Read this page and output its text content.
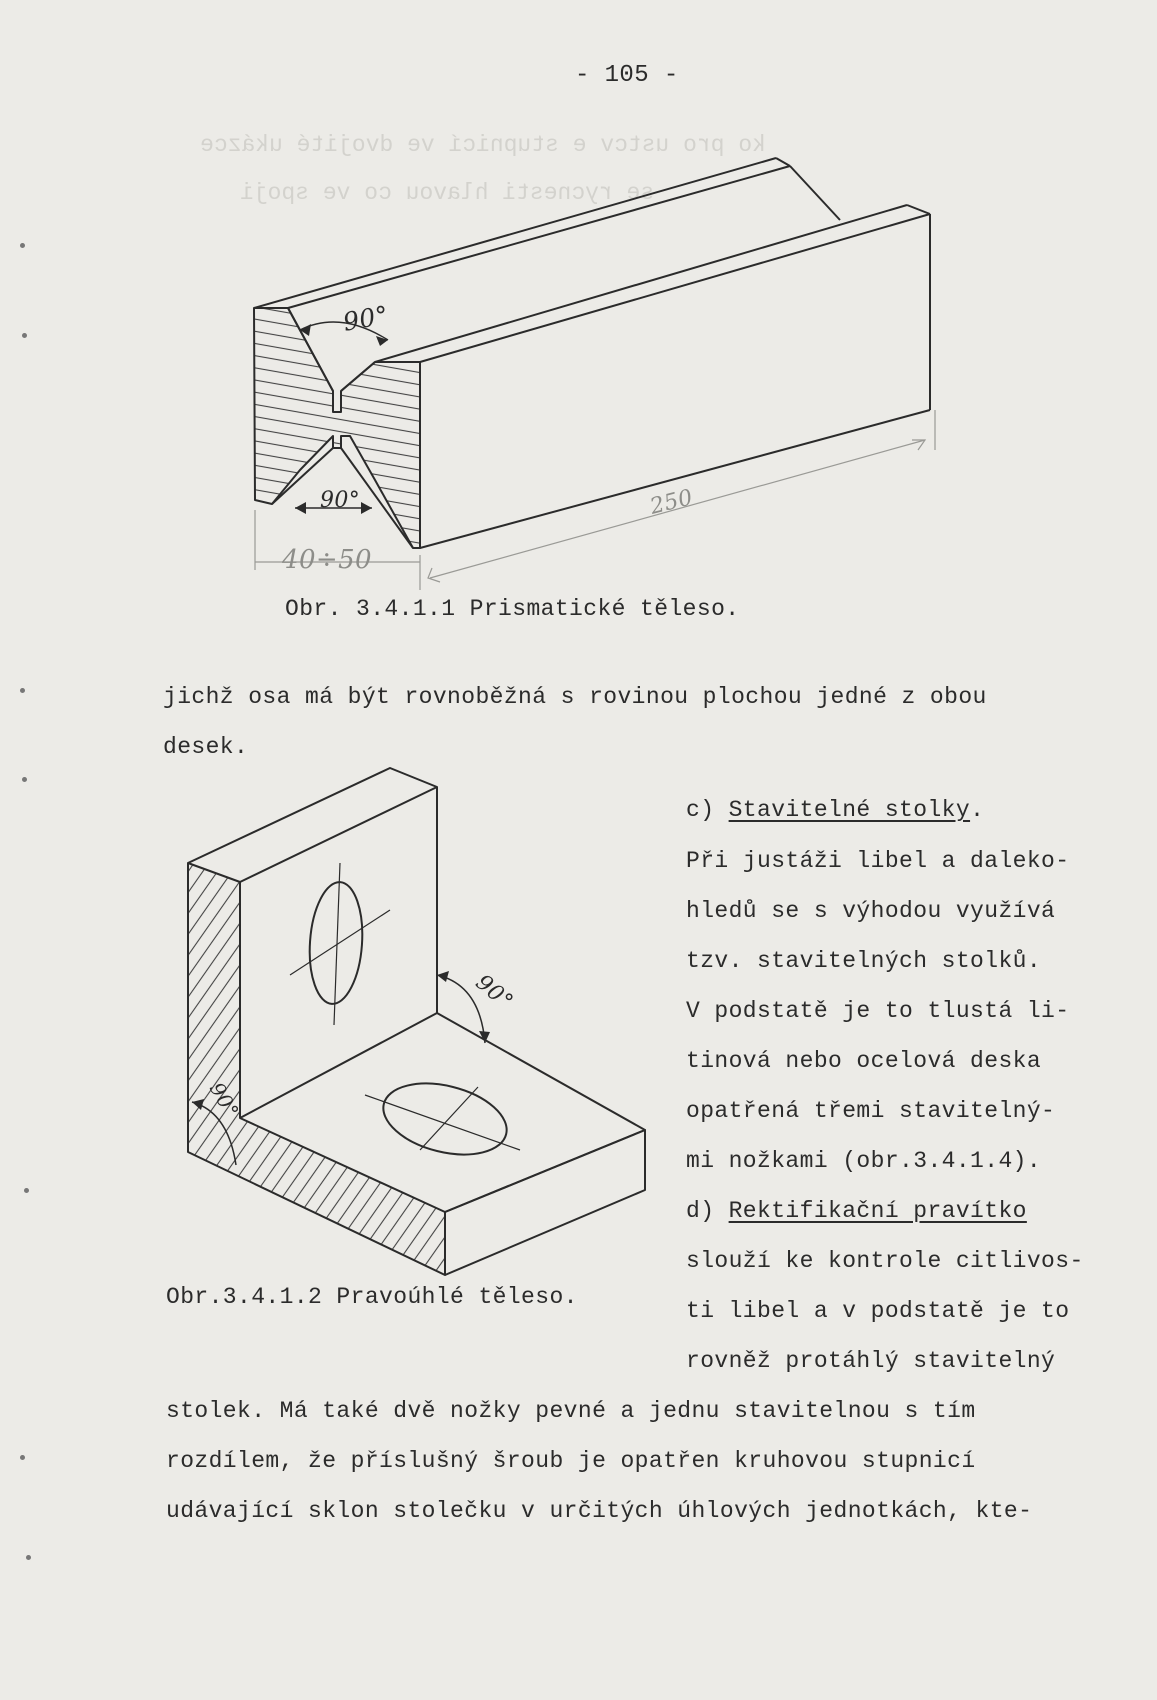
ko pro ustcv e stupnicí ve dvojité ukázce
se rycnesti hlavou co ve spoji
- 105 -
90°
90°	250
40÷50
Obr. 3.4.1.1 Prismatické těleso.
jichž osa má být rovnoběžná s rovinou plochou jedné z obou
desek.
90°
90°
Obr.3.4.1.2 Pravoúhlé těleso.
c) Stavitelné stolky.
Při justáži libel a daleko-
hledů se s výhodou využívá
tzv. stavitelných stolků.
V podstatě je to tlustá li-
tinová nebo ocelová deska
opatřená třemi stavitelný-
mi nožkami (obr.3.4.1.4).
d) Rektifikační pravítko
slouží ke kontrole citlivos-
ti libel a v podstatě je to
rovněž protáhlý stavitelný
stolek. Má také dvě nožky pevné a jednu stavitelnou s tím
rozdílem, že příslušný šroub je opatřen kruhovou stupnicí
udávající sklon stolečku v určitých úhlových jednotkách, kte-
